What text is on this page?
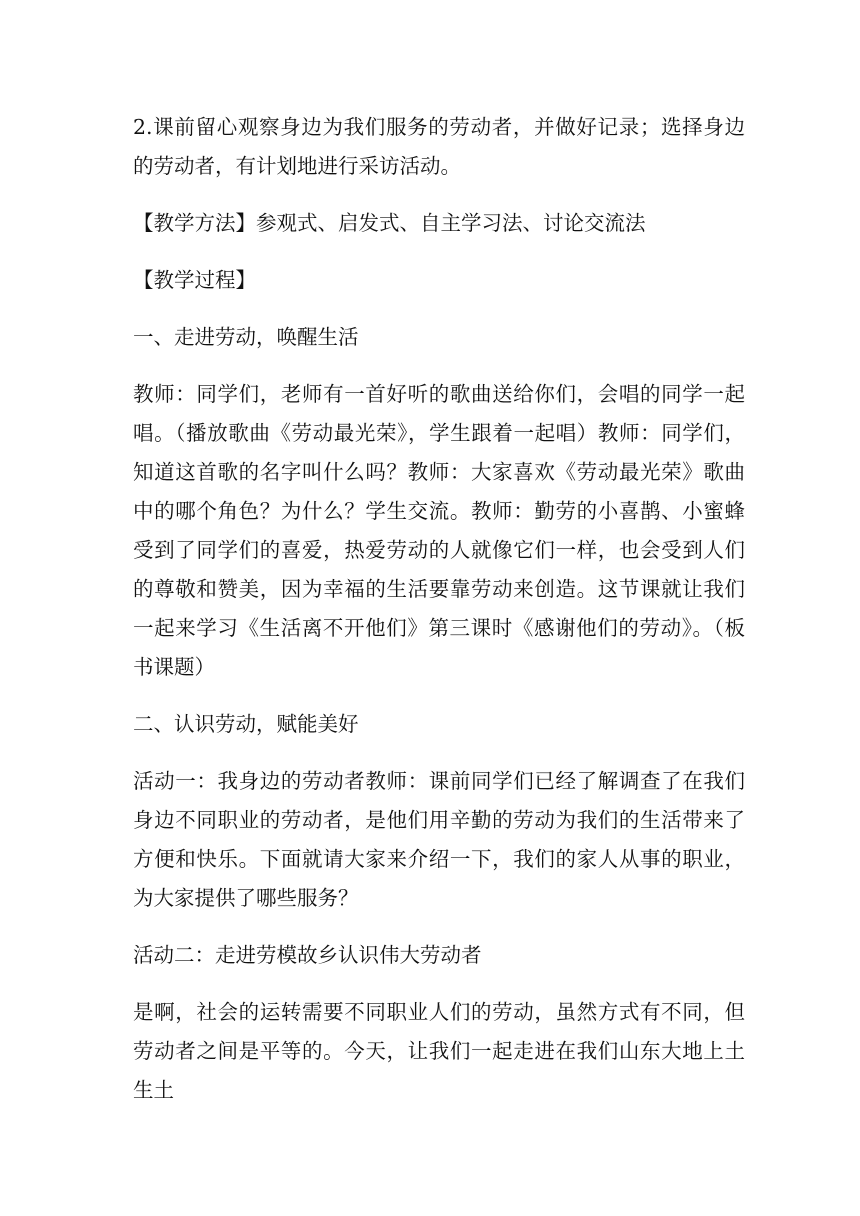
2.课前留心观察身边为我们服务的劳动者，并做好记录；选择身边的劳动者，有计划地进行采访活动。

【教学方法】参观式、启发式、自主学习法、讨论交流法

【教学过程】

一、走进劳动，唤醒生活

教师：同学们，老师有一首好听的歌曲送给你们，会唱的同学一起唱。（播放歌曲《劳动最光荣》，学生跟着一起唱）教师：同学们，知道这首歌的名字叫什么吗？教师：大家喜欢《劳动最光荣》歌曲中的哪个角色？为什么？学生交流。教师：勤劳的小喜鹊、小蜜蜂受到了同学们的喜爱，热爱劳动的人就像它们一样，也会受到人们的尊敬和赞美，因为幸福的生活要靠劳动来创造。这节课就让我们一起来学习《生活离不开他们》第三课时《感谢他们的劳动》。（板书课题）

二、认识劳动，赋能美好

活动一：我身边的劳动者教师：课前同学们已经了解调查了在我们身边不同职业的劳动者，是他们用辛勤的劳动为我们的生活带来了方便和快乐。下面就请大家来介绍一下，我们的家人从事的职业，为大家提供了哪些服务？

活动二：走进劳模故乡认识伟大劳动者

是啊，社会的运转需要不同职业人们的劳动，虽然方式有不同，但劳动者之间是平等的。今天，让我们一起走进在我们山东大地上土生土
